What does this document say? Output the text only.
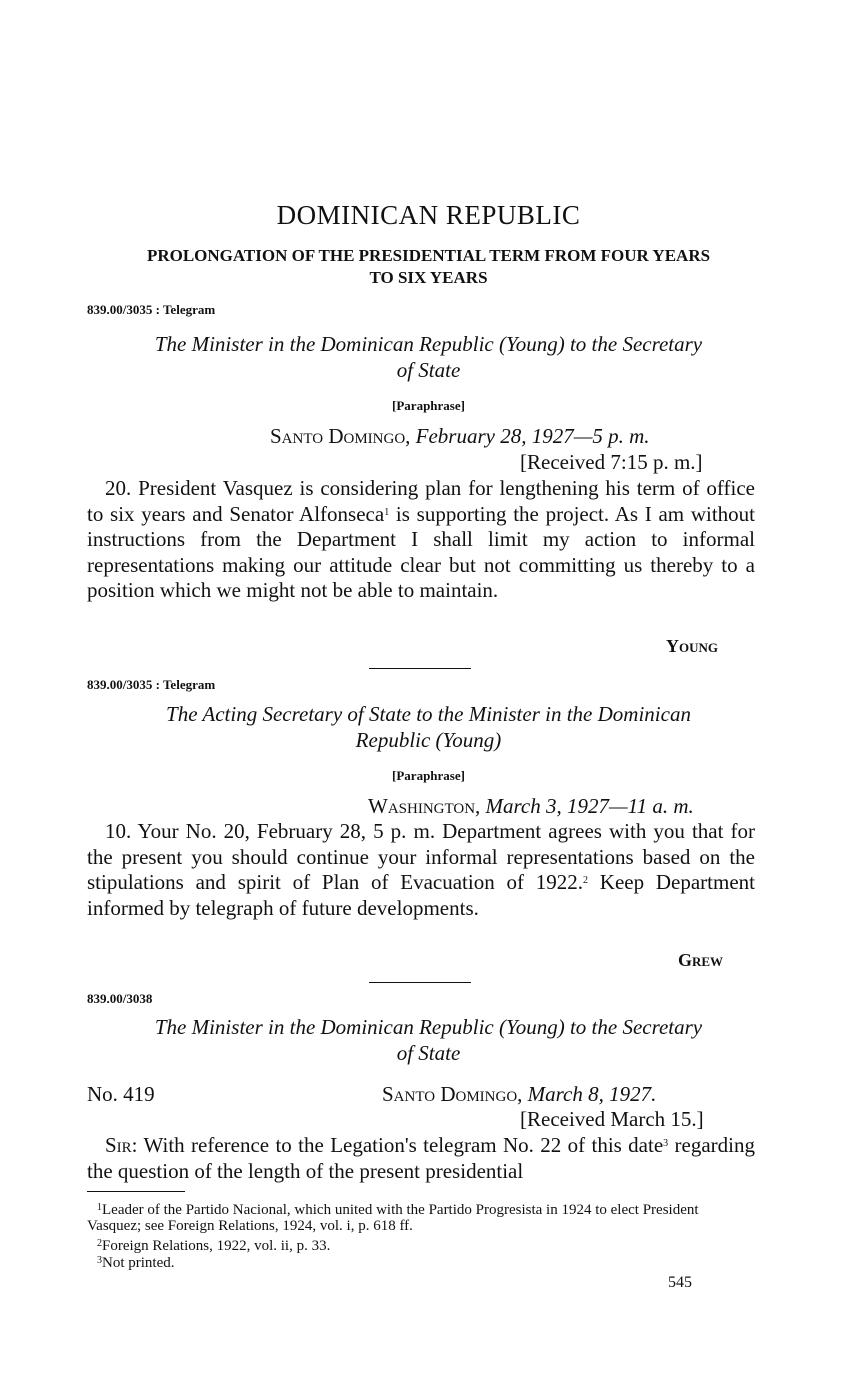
DOMINICAN REPUBLIC
PROLONGATION OF THE PRESIDENTIAL TERM FROM FOUR YEARS
TO SIX YEARS
839.00/3035 : Telegram
The Minister in the Dominican Republic (Young) to the Secretary
of State
[Paraphrase]
Santo Domingo, February 28, 1927—5 p. m.
[Received 7:15 p. m.]
20. President Vasquez is considering plan for lengthening his term of office to six years and Senator Alfonseca$^1$ is supporting the project. As I am without instructions from the Department I shall limit my action to informal representations making our attitude clear but not committing us thereby to a position which we might not be able to maintain.
Young
839.00/3035 : Telegram
The Acting Secretary of State to the Minister in the Dominican
Republic (Young)
[Paraphrase]
Washington, March 3, 1927—11 a. m.
10. Your No. 20, February 28, 5 p. m. Department agrees with you that for the present you should continue your informal representations based on the stipulations and spirit of Plan of Evacuation of 1922.$^2$ Keep Department informed by telegraph of future developments.
Grew
839.00/3038
The Minister in the Dominican Republic (Young) to the Secretary
of State
No. 419	Santo Domingo, March 8, 1927.
[Received March 15.]
Sir: With reference to the Legation's telegram No. 22 of this date$^3$ regarding the question of the length of the present presidential
$^1$Leader of the Partido Nacional, which united with the Partido Progresista in 1924 to elect President Vasquez; see Foreign Relations, 1924, vol. i, p. 618 ff.
$^2$Foreign Relations, 1922, vol. ii, p. 33.
$^3$Not printed.
545
